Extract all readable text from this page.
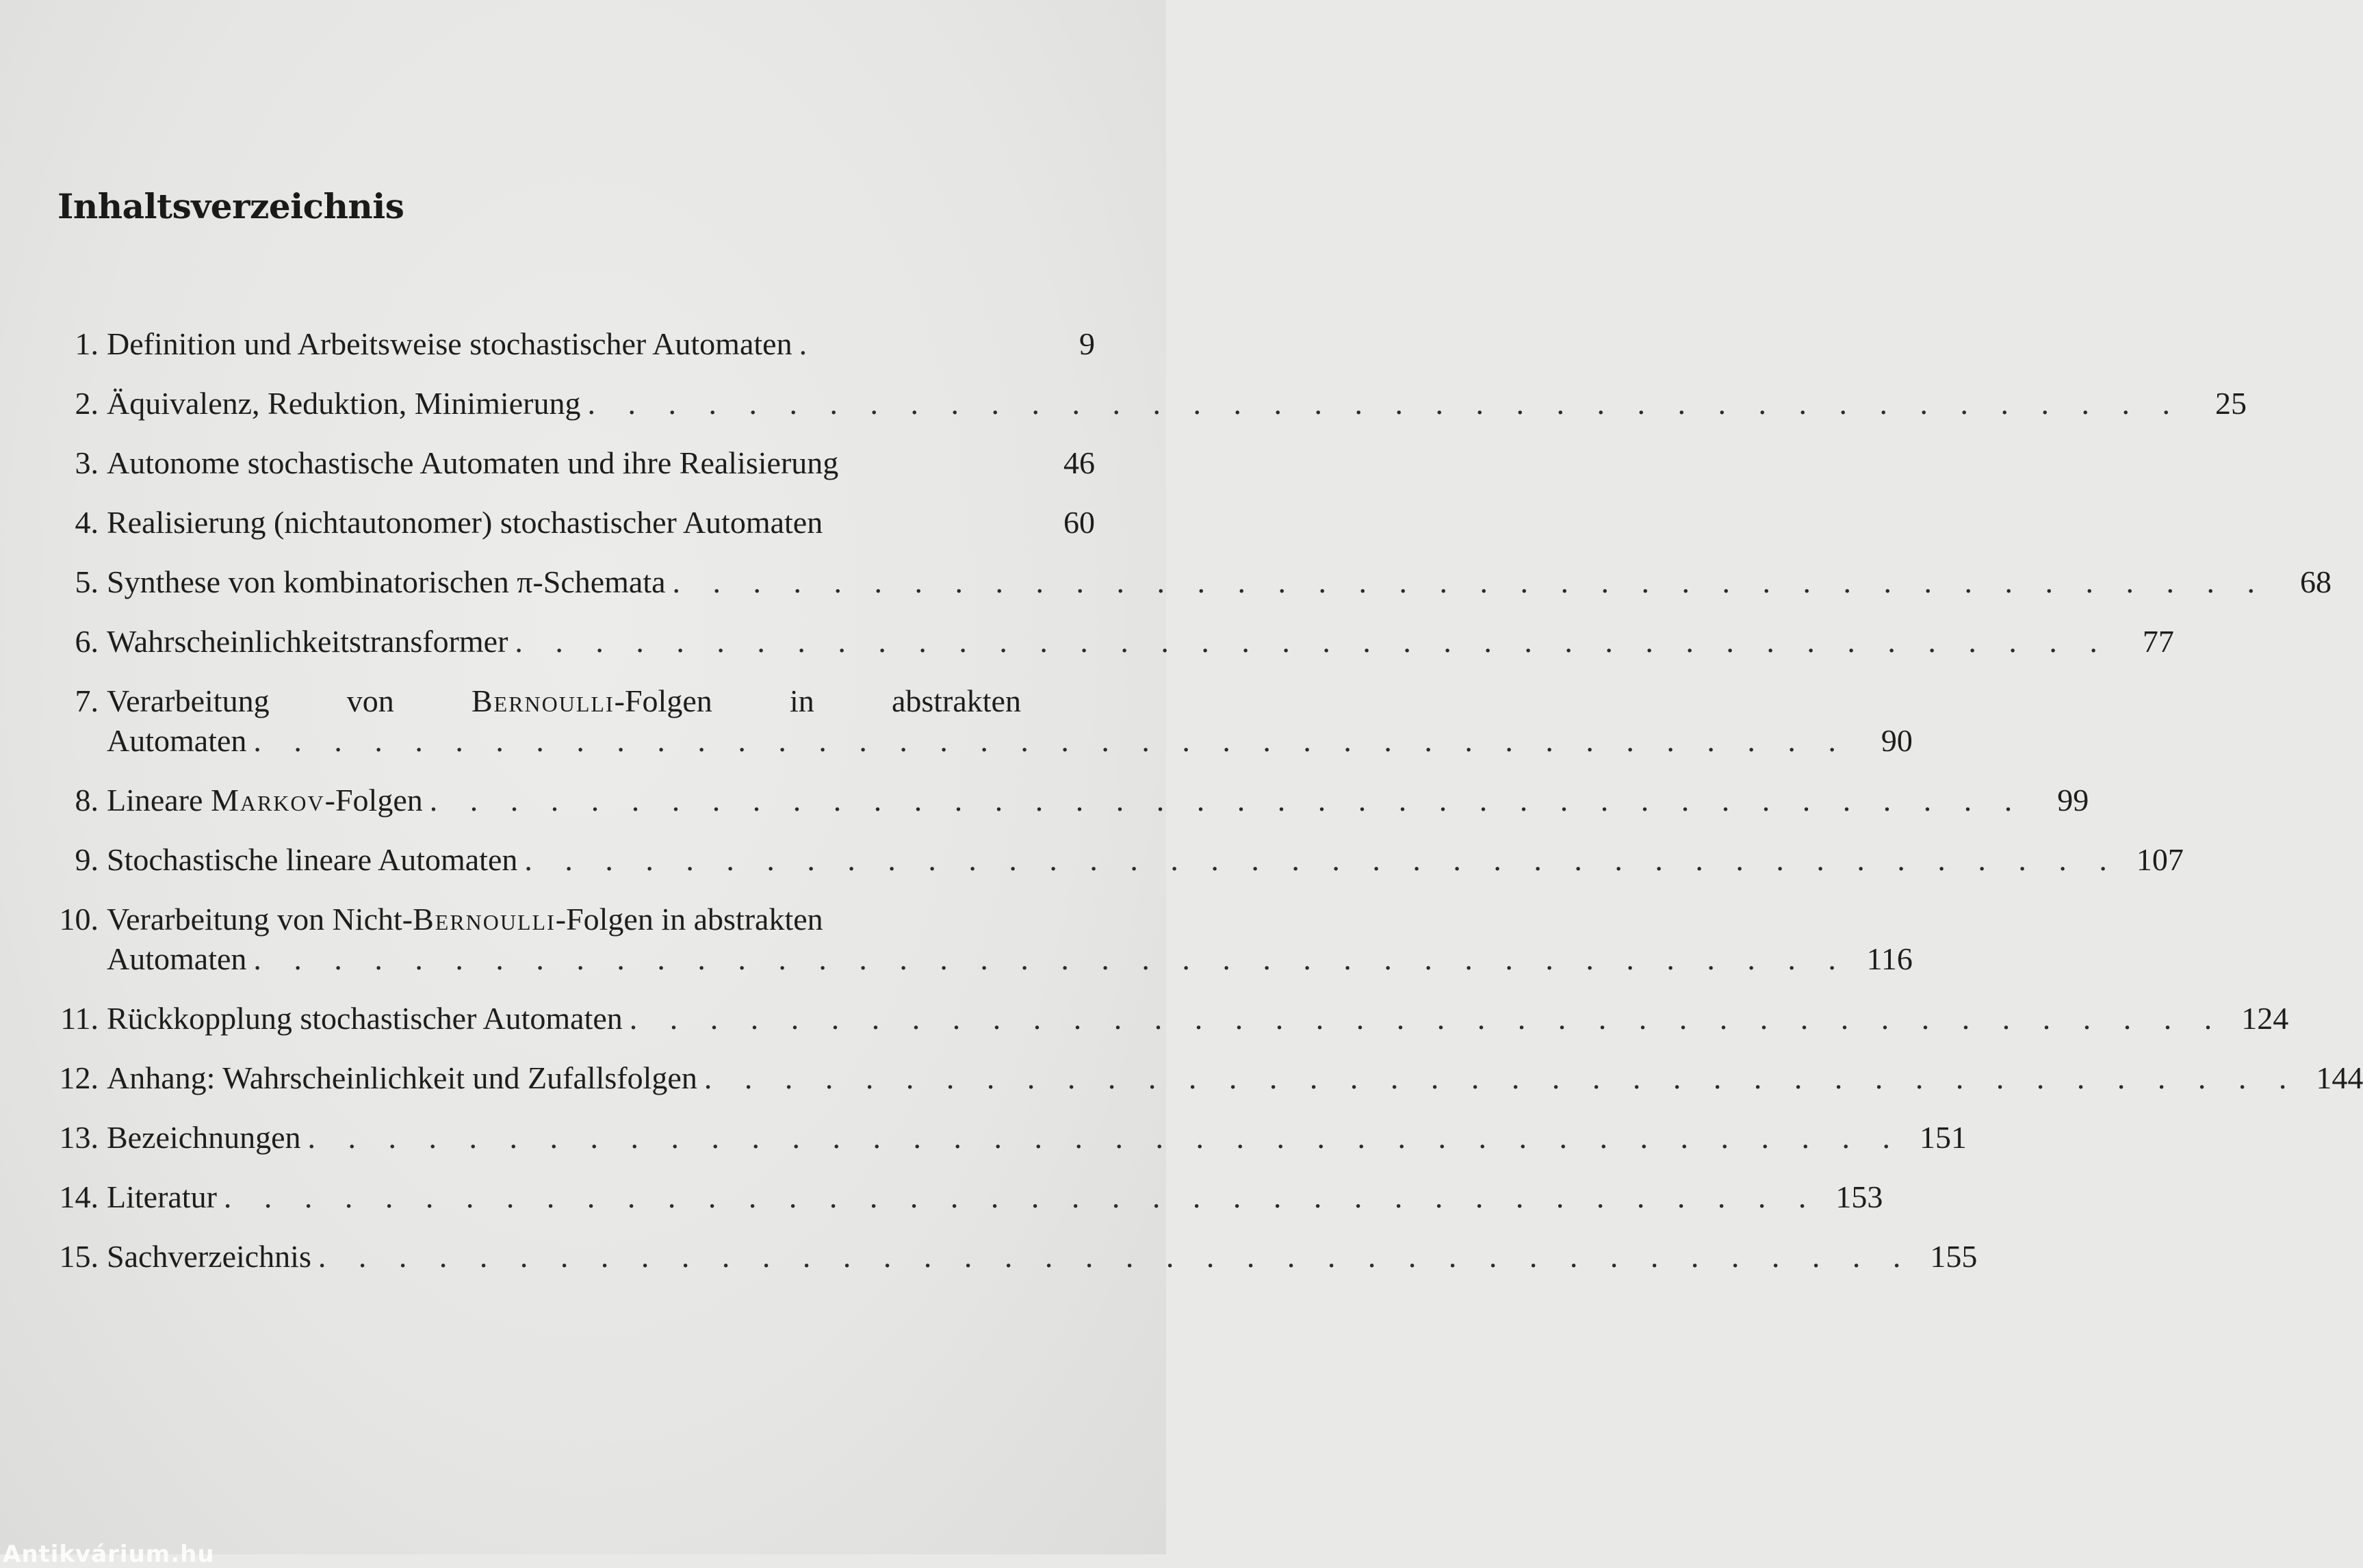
Inhaltsverzeichnis
1. Definition und Arbeitsweise stochastischer Automaten .	9
2. Äquivalenz, Reduktion, Minimierung . . . . . . . . . . . . . . . . . . . . . . . . . . . . . . . . . . . . . . . .	25
3. Autonome stochastische Automaten und ihre Realisierung	46
4. Realisierung (nichtautonomer) stochastischer Automaten	60
5. Synthese von kombinatorischen π-Schemata . . . . . . . . . . . . . . . . . . . . . . . . . . . . . . . . . . . . . . . .	68
6. Wahrscheinlichkeitstransformer . . . . . . . . . . . . . . . . . . . . . . . . . . . . . . . . . . . . . . . .	77
7. Verarbeitung von Bernoulli-Folgen in abstrakten
Automaten . . . . . . . . . . . . . . . . . . . . . . . . . . . . . . . . . . . . . . . .	90
8. Lineare Markov-Folgen . . . . . . . . . . . . . . . . . . . . . . . . . . . . . . . . . . . . . . . .	99
9. Stochastische lineare Automaten . . . . . . . . . . . . . . . . . . . . . . . . . . . . . . . . . . . . . . . . 107
10. Verarbeitung von Nicht-Bernoulli-Folgen in abstrakten
Automaten . . . . . . . . . . . . . . . . . . . . . . . . . . . . . . . . . . . . . . . . 116
11. Rückkopplung stochastischer Automaten . . . . . . . . . . . . . . . . . . . . . . . . . . . . . . . . . . . . . . . . 124
12. Anhang: Wahrscheinlichkeit und Zufallsfolgen . . . . . . . . . . . . . . . . . . . . . . . . . . . . . . . . . . . . . . . . 144
13. Bezeichnungen . . . . . . . . . . . . . . . . . . . . . . . . . . . . . . . . . . . . . . . . 151
14. Literatur . . . . . . . . . . . . . . . . . . . . . . . . . . . . . . . . . . . . . . . . 153
15. Sachverzeichnis . . . . . . . . . . . . . . . . . . . . . . . . . . . . . . . . . . . . . . . . 155
Antikvárium.hu
